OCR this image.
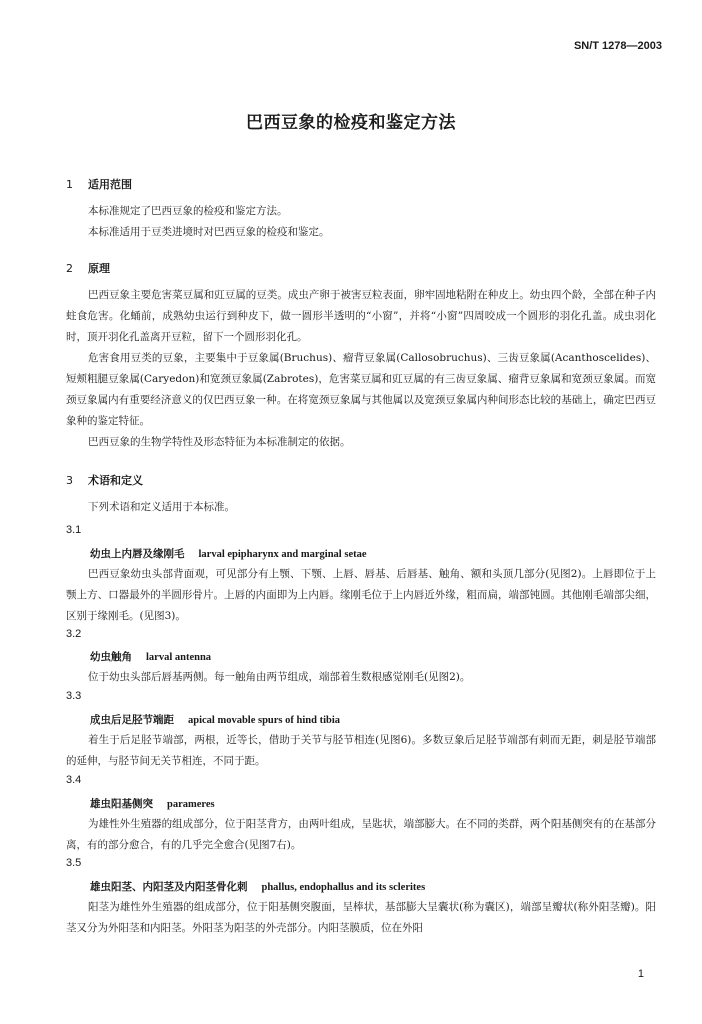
SN/T 1278—2003
巴西豆象的检疫和鉴定方法
1 适用范围
本标准规定了巴西豆象的检疫和鉴定方法。
本标准适用于豆类进境时对巴西豆象的检疫和鉴定。
2 原理
巴西豆象主要危害菜豆属和豇豆属的豆类。成虫产卵于被害豆粒表面，卵牢固地粘附在种皮上。幼虫四个龄，全部在种子内蛀食危害。化蛹前，成熟幼虫运行到种皮下，做一圆形半透明的“小窗”，并将“小窗”四周咬成一个圆形的羽化孔盖。成虫羽化时，顶开羽化孔盖离开豆粒，留下一个圆形羽化孔。
危害食用豆类的豆象，主要集中于豆象属(Bruchus)、瘤背豆象属(Callosobruchus)、三齿豆象属(Acanthoscelides)、短颊粗腿豆象属(Caryedon)和宽颈豆象属(Zabrotes)，危害菜豆属和豇豆属的有三齿豆象属、瘤背豆象属和宽颈豆象属。而宽颈豆象属内有重要经济意义的仅巴西豆象一种。在将宽颈豆象属与其他属以及宽颈豆象属内种间形态比较的基础上，确定巴西豆象种的鉴定特征。
巴西豆象的生物学特性及形态特征为本标准制定的依据。
3 术语和定义
下列术语和定义适用于本标准。
3.1
幼虫上内唇及缘刚毛 larval epipharynx and marginal setae
巴西豆象幼虫头部背面观，可见部分有上颚、下颚、上唇、唇基、后唇基、触角、额和头顶几部分(见图2)。上唇即位于上颚上方、口器最外的半圆形骨片。上唇的内面即为上内唇。缘刚毛位于上内唇近外缘，粗而扁，端部钝圆。其他刚毛端部尖细，区别于缘刚毛。(见图3)。
3.2
幼虫触角 larval antenna
位于幼虫头部后唇基两侧。每一触角由两节组成，端部着生数根感觉刚毛(见图2)。
3.3
成虫后足胫节端距 apical movable spurs of hind tibia
着生于后足胫节端部，两根，近等长，借助于关节与胫节相连(见图6)。多数豆象后足胫节端部有刺而无距，刺是胫节端部的延伸，与胫节间无关节相连，不同于距。
3.4
雄虫阳基侧突 parameres
为雄性外生殖器的组成部分，位于阳茎背方，由两叶组成，呈匙状，端部膨大。在不同的类群，两个阳基侧突有的在基部分离，有的部分愈合，有的几乎完全愈合(见图7右)。
3.5
雄虫阳茎、内阳茎及内阳茎骨化刺 phallus, endophallus and its sclerites
阳茎为雄性外生殖器的组成部分，位于阳基侧突腹面，呈棒状，基部膨大呈囊状(称为囊区)，端部呈瓣状(称外阳茎瓣)。阳茎又分为外阳茎和内阳茎。外阳茎为阳茎的外壳部分。内阳茎膜质，位在外阳
1
